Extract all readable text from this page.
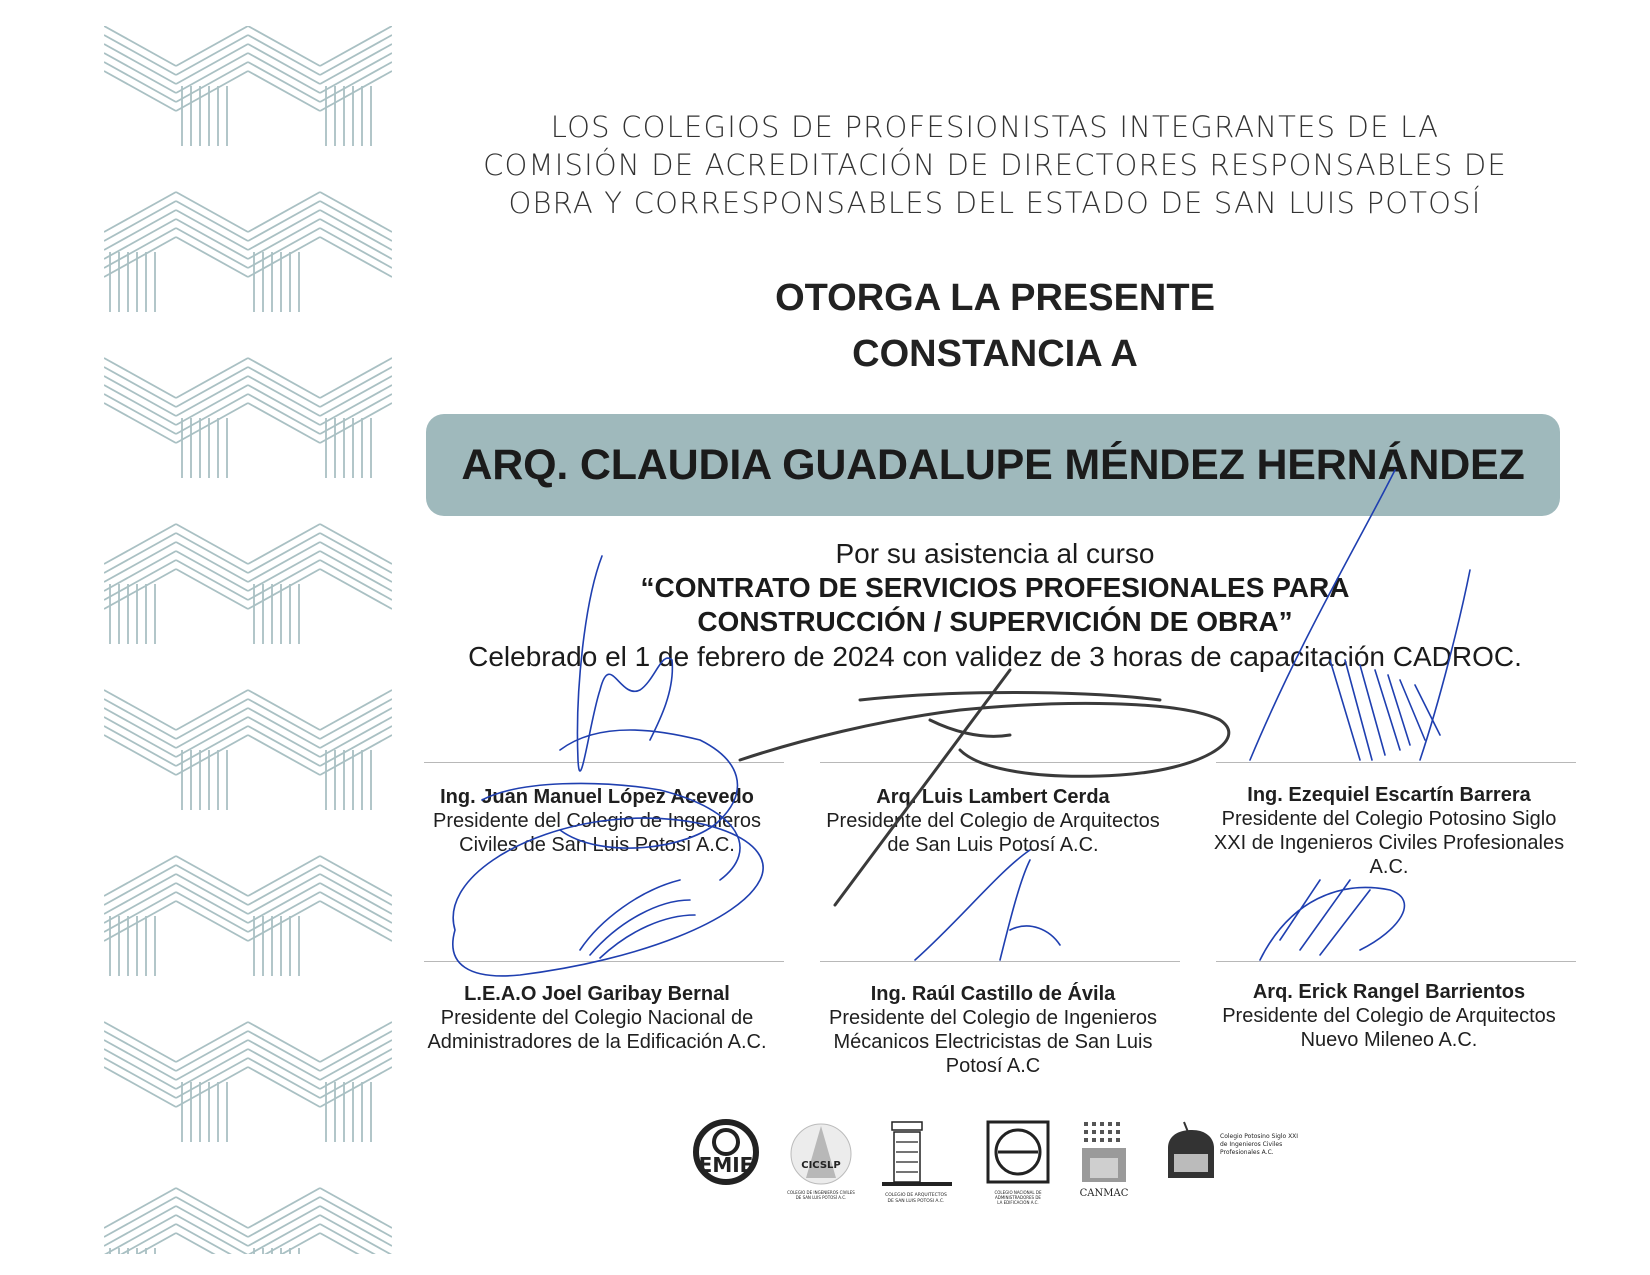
LOS COLEGIOS DE PROFESIONISTAS INTEGRANTES DE LA
COMISIÓN DE ACREDITACIÓN DE DIRECTORES RESPONSABLES DE
OBRA Y CORRESPONSABLES DEL ESTADO DE SAN LUIS POTOSÍ
OTORGA LA PRESENTE
CONSTANCIA A
ARQ. CLAUDIA GUADALUPE MÉNDEZ HERNÁNDEZ
Por su asistencia al curso
“CONTRATO DE SERVICIOS PROFESIONALES PARA
CONSTRUCCIÓN / SUPERVICIÓN DE OBRA”
Celebrado el 1 de febrero de 2024 con validez de 3 horas de capacitación CADROC.
Ing. Juan Manuel López Acevedo
Presidente del Colegio de Ingenieros
Civiles de San Luis Potosí A.C.
Arq. Luis Lambert Cerda
Presidente del Colegio de Arquitectos
de San Luis Potosí A.C.
Ing. Ezequiel Escartín Barrera
Presidente del Colegio Potosino Siglo
XXI de Ingenieros Civiles Profesionales
A.C.
L.E.A.O Joel Garibay Bernal
Presidente del Colegio Nacional de
Administradores de la Edificación A.C.
Ing. Raúl Castillo de Ávila
Presidente del Colegio de Ingenieros
Mécanicos Electricistas de San Luis
Potosí A.C
Arq. Erick Rangel Barrientos
Presidente del Colegio de Arquitectos
Nuevo Mileneo A.C.
EMIE	CICSLP
COLEGIO DE INGENIEROS CIVILES
DE SAN LUIS POTOSÍ A.C.	COLEGIO DE ARQUITECTOS
DE SAN LUIS POTOSI A.C.
COLEGIO NACIONAL DE
ADMINISTRADORES DE
LA EDIFICACIÓN A.C.
CANMAC
Colegio Potosino Siglo XXI
de Ingenieros Civiles
Profesionales A.C.
